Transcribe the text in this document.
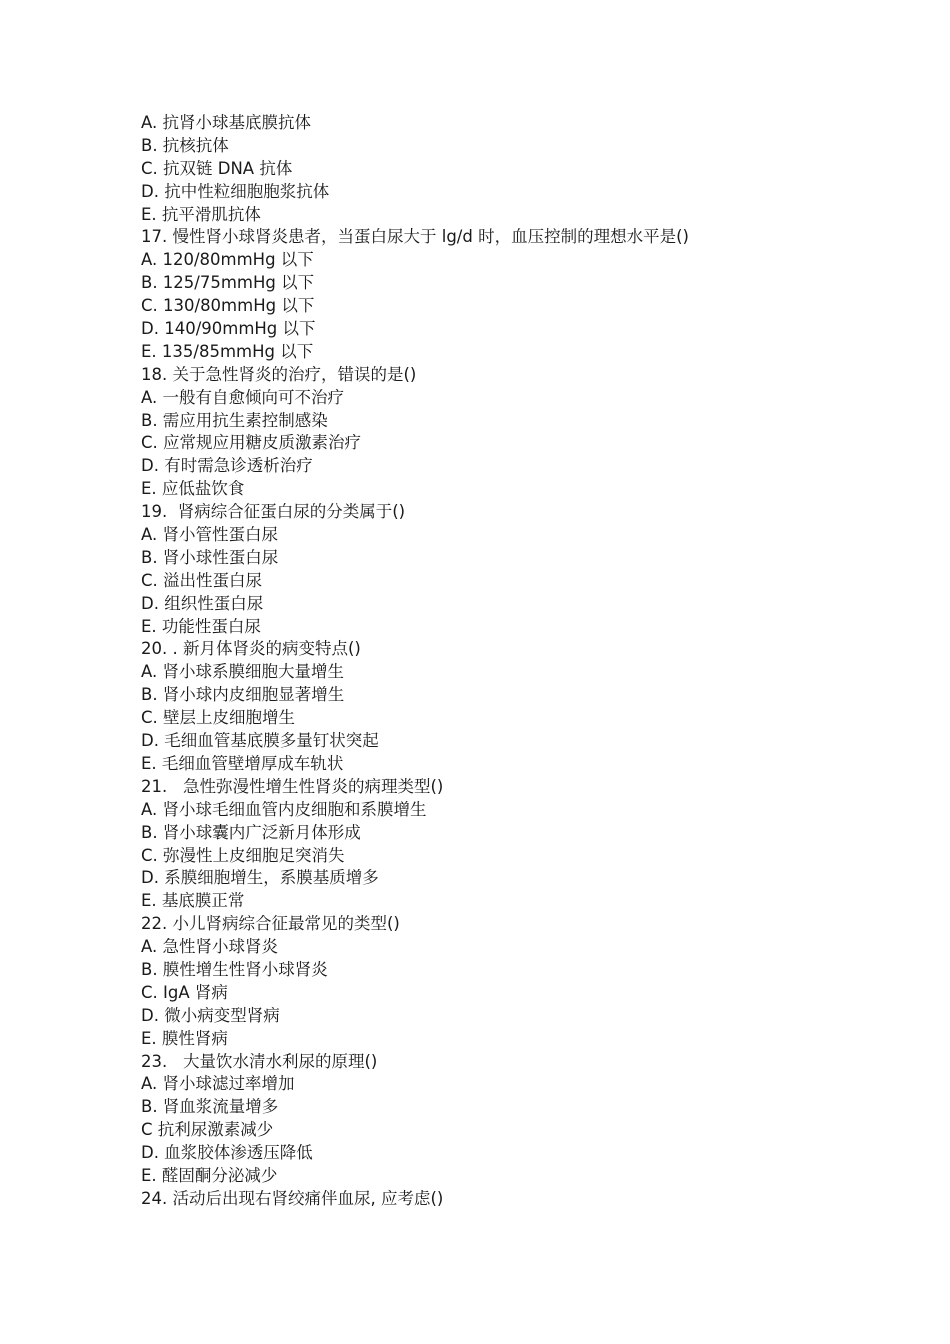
A. 抗肾小球基底膜抗体
B. 抗核抗体
C. 抗双链 DNA 抗体
D. 抗中性粒细胞胞浆抗体
E. 抗平滑肌抗体
17. 慢性肾小球肾炎患者，当蛋白尿大于 lg/d 时，血压控制的理想水平是()
A. 120/80mmHg 以下
B. 125/75mmHg 以下
C. 130/80mmHg 以下
D. 140/90mmHg 以下
E. 135/85mmHg 以下
18. 关于急性肾炎的治疗，错误的是()
A. 一般有自愈倾向可不治疗
B. 需应用抗生素控制感染
C. 应常规应用糖皮质激素治疗
D. 有时需急诊透析治疗
E. 应低盐饮食
19.  肾病综合征蛋白尿的分类属于()
A. 肾小管性蛋白尿
B. 肾小球性蛋白尿
C. 溢出性蛋白尿
D. 组织性蛋白尿
E. 功能性蛋白尿
20. . 新月体肾炎的病变特点()
A. 肾小球系膜细胞大量增生
B. 肾小球内皮细胞显著增生
C. 壁层上皮细胞增生
D. 毛细血管基底膜多量钉状突起
E. 毛细血管壁增厚成车轨状
21.   急性弥漫性增生性肾炎的病理类型()
A. 肾小球毛细血管内皮细胞和系膜增生
B. 肾小球囊内广泛新月体形成
C. 弥漫性上皮细胞足突消失
D. 系膜细胞增生，系膜基质增多
E. 基底膜正常
22. 小儿肾病综合征最常见的类型()
A. 急性肾小球肾炎
B. 膜性增生性肾小球肾炎
C. IgA 肾病
D. 微小病变型肾病
E. 膜性肾病
23.   大量饮水清水利尿的原理()
A. 肾小球滤过率增加
B. 肾血浆流量增多
C 抗利尿激素减少
D. 血浆胶体渗透压降低
E. 醛固酮分泌减少
24. 活动后出现右肾绞痛伴血尿, 应考虑()
